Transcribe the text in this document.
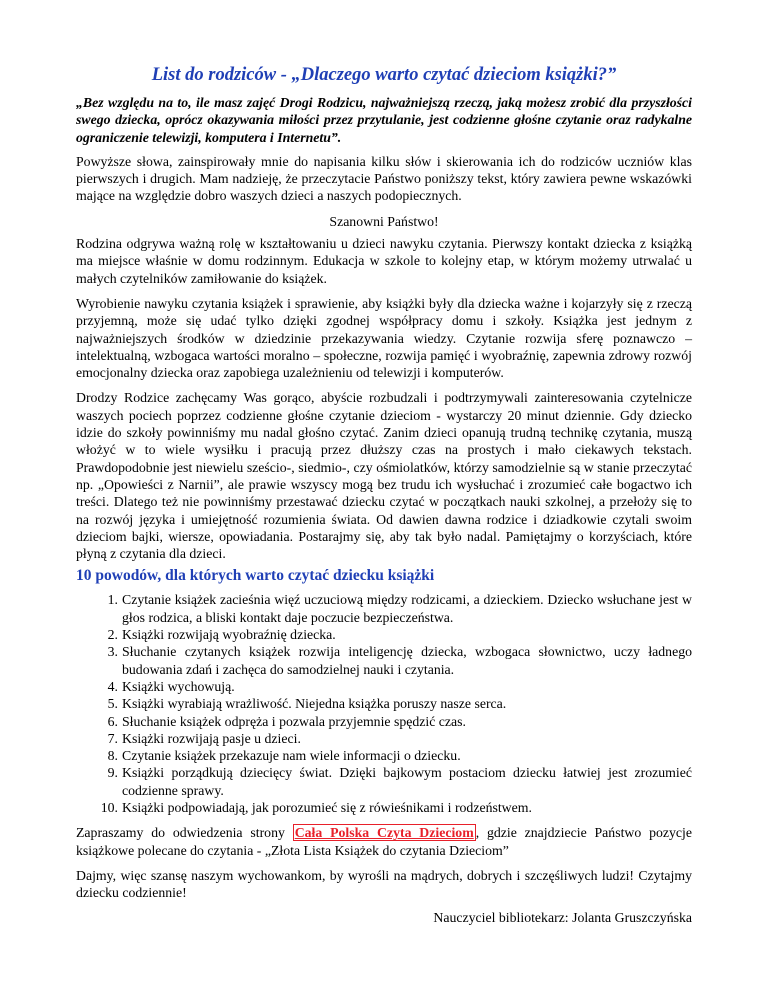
List do rodziców - „Dlaczego warto czytać dzieciom książki?”
„Bez względu na to, ile masz zajęć Drogi Rodzicu, najważniejszą rzeczą, jaką możesz zrobić dla przyszłości swego dziecka, oprócz okazywania miłości przez przytulanie, jest codzienne głośne czytanie oraz radykalne ograniczenie telewizji, komputera i Internetu”.

Powyższe słowa, zainspirowały mnie do napisania kilku słów i skierowania ich do rodziców uczniów klas pierwszych i drugich. Mam nadzieję, że przeczytacie Państwo poniższy tekst, który zawiera pewne wskazówki mające na względzie dobro waszych dzieci a naszych podopiecznych.

Szanowni Państwo!

Rodzina odgrywa ważną rolę w kształtowaniu u dzieci nawyku czytania. Pierwszy kontakt dziecka z książką ma miejsce właśnie w domu rodzinnym. Edukacja w szkole to kolejny etap, w którym możemy utrwalać u małych czytelników zamiłowanie do książek.

Wyrobienie nawyku czytania książek i sprawienie, aby książki były dla dziecka ważne i kojarzyły się z rzeczą przyjemną, może się udać tylko dzięki zgodnej współpracy domu i szkoły. Książka jest jednym z najważniejszych środków w dziedzinie przekazywania wiedzy. Czytanie rozwija sferę poznawczo – intelektualną, wzbogaca wartości moralno – społeczne, rozwija pamięć i wyobraźnię, zapewnia zdrowy rozwój emocjonalny dziecka oraz zapobiega uzależnieniu od telewizji i komputerów.

Drodzy Rodzice zachęcamy Was gorąco, abyście rozbudzali i podtrzymywali zainteresowania czytelnicze waszych pociech poprzez codzienne głośne czytanie dzieciom - wystarczy 20 minut dziennie. Gdy dziecko idzie do szkoły powinniśmy mu nadal głośno czytać. Zanim dzieci opanują trudną technikę czytania, muszą włożyć w to wiele wysiłku i pracują przez dłuższy czas na prostych i mało ciekawych tekstach. Prawdopodobnie jest niewielu sześcio-, siedmio-, czy ośmiolatków, którzy samodzielnie są w stanie przeczytać np. „Opowieści z Narnii”, ale prawie wszyscy mogą bez trudu ich wysłuchać i zrozumieć całe bogactwo ich treści. Dlatego też nie powinniśmy przestawać dziecku czytać w początkach nauki szkolnej, a przełoży się to na rozwój języka i umiejętność rozumienia świata. Od dawien dawna rodzice i dziadkowie czytali swoim dzieciom bajki, wiersze, opowiadania. Postarajmy się, aby tak było nadal. Pamiętajmy o korzyściach, które płyną z czytania dla dzieci.

10 powodów, dla których warto czytać dziecku książki
1. Czytanie książek zacieśnia więź uczuciową między rodzicami, a dzieckiem. Dziecko wsłuchane jest w głos rodzica, a bliski kontakt daje poczucie bezpieczeństwa.
2. Książki rozwijają wyobraźnię dziecka.
3. Słuchanie czytanych książek rozwija inteligencję dziecka, wzbogaca słownictwo, uczy ładnego budowania zdań i zachęca do samodzielnej nauki i czytania.
4. Książki wychowują.
5. Książki wyrabiają wrażliwość. Niejedna książka poruszy nasze serca.
6. Słuchanie książek odpręża i pozwala przyjemnie spędzić czas.
7. Książki rozwijają pasje u dzieci.
8. Czytanie książek przekazuje nam wiele informacji o dziecku.
9. Książki porządkują dziecięcy świat. Dzięki bajkowym postaciom dziecku łatwiej jest zrozumieć codzienne sprawy.
10. Książki podpowiadają, jak porozumieć się z rówieśnikami i rodzeństwem.

Zapraszamy do odwiedzenia strony Cała Polska Czyta Dzieciom , gdzie znajdziecie Państwo pozycje książkowe polecane do czytania - „Złota Lista Książek do czytania Dzieciom”

Dajmy, więc szansę naszym wychowankom, by wyrośli na mądrych, dobrych i szczęśliwych ludzi! Czytajmy dziecku codziennie!

Nauczyciel bibliotekarz: Jolanta Gruszczyńska
